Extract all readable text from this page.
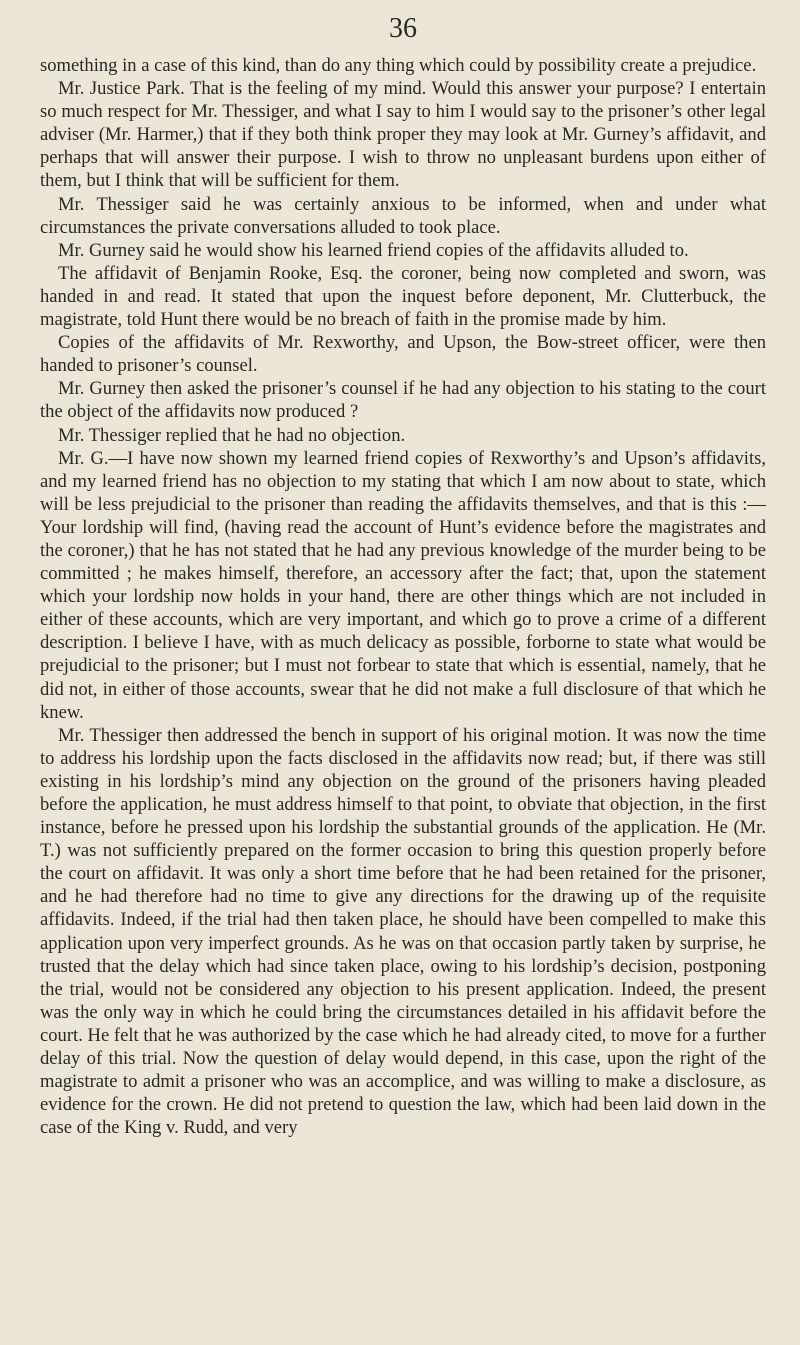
36

something in a case of this kind, than do any thing which could by possibility create a prejudice.

Mr. Justice Park. That is the feeling of my mind. Would this answer your purpose? I entertain so much respect for Mr. Thessiger, and what I say to him I would say to the prisoner’s other legal adviser (Mr. Harmer,) that if they both think proper they may look at Mr. Gurney’s affidavit, and perhaps that will answer their purpose. I wish to throw no unpleasant burdens upon either of them, but I think that will be sufficient for them.

Mr. Thessiger said he was certainly anxious to be informed, when and under what circumstances the private conversations alluded to took place.

Mr. Gurney said he would show his learned friend copies of the affidavits alluded to.

The affidavit of Benjamin Rooke, Esq. the coroner, being now completed and sworn, was handed in and read. It stated that upon the inquest before deponent, Mr. Clutterbuck, the magistrate, told Hunt there would be no breach of faith in the promise made by him.

Copies of the affidavits of Mr. Rexworthy, and Upson, the Bow-street officer, were then handed to prisoner’s counsel.

Mr. Gurney then asked the prisoner’s counsel if he had any objection to his stating to the court the object of the affidavits now produced ?

Mr. Thessiger replied that he had no objection.

Mr. G.—I have now shown my learned friend copies of Rexworthy’s and Upson’s affidavits, and my learned friend has no objection to my stating that which I am now about to state, which will be less prejudicial to the prisoner than reading the affidavits themselves, and that is this :—Your lordship will find, (having read the account of Hunt’s evidence before the magistrates and the coroner,) that he has not stated that he had any previous knowledge of the murder being to be committed ; he makes himself, therefore, an accessory after the fact; that, upon the statement which your lordship now holds in your hand, there are other things which are not included in either of these accounts, which are very important, and which go to prove a crime of a different description. I believe I have, with as much delicacy as possible, forborne to state what would be prejudicial to the prisoner; but I must not forbear to state that which is essential, namely, that he did not, in either of those accounts, swear that he did not make a full disclosure of that which he knew.

Mr. Thessiger then addressed the bench in support of his original motion. It was now the time to address his lordship upon the facts disclosed in the affidavits now read; but, if there was still existing in his lordship’s mind any objection on the ground of the prisoners having pleaded before the application, he must address himself to that point, to obviate that objection, in the first instance, before he pressed upon his lordship the substantial grounds of the application. He (Mr. T.) was not sufficiently prepared on the former occasion to bring this question properly before the court on affidavit. It was only a short time before that he had been retained for the prisoner, and he had therefore had no time to give any directions for the drawing up of the requisite affidavits. Indeed, if the trial had then taken place, he should have been compelled to make this application upon very imperfect grounds. As he was on that occasion partly taken by surprise, he trusted that the delay which had since taken place, owing to his lordship’s decision, postponing the trial, would not be considered any objection to his present application. Indeed, the present was the only way in which he could bring the circumstances detailed in his affidavit before the court. He felt that he was authorized by the case which he had already cited, to move for a further delay of this trial. Now the question of delay would depend, in this case, upon the right of the magistrate to admit a prisoner who was an accomplice, and was willing to make a disclosure, as evidence for the crown. He did not pretend to question the law, which had been laid down in the case of the King v. Rudd, and very
